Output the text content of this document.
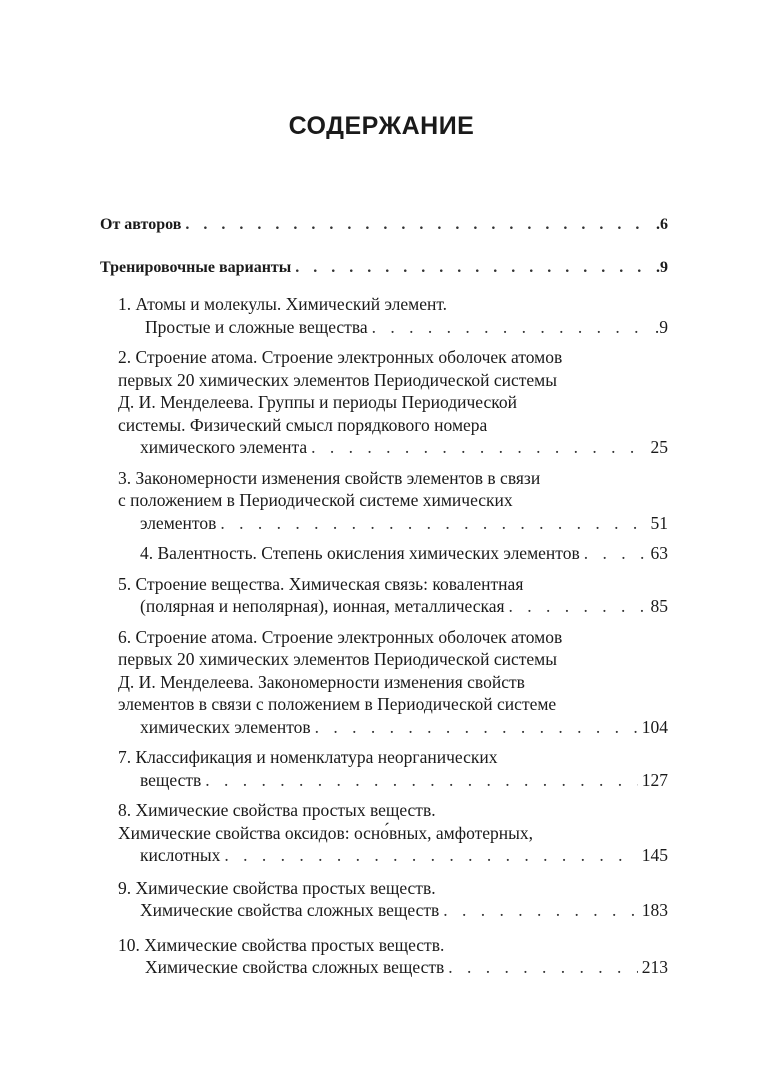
СОДЕРЖАНИЕ
От авторов . . .	.6
Тренировочные варианты . . .	.9
1. Атомы и молекулы. Химический элемент.
Простые и сложные вещества . . .	.9
2. Строение атома. Строение электронных оболочек атомов
первых 20 химических элементов Периодической системы
Д. И. Менделеева. Группы и периоды Периодической
системы. Физический смысл порядкового номера
химического элемента . . .	25
3. Закономерности изменения свойств элементов в связи
с положением в Периодической системе химических
элементов . . .	51
4. Валентность. Степень окисления химических элементов . . .	63
5. Строение вещества. Химическая связь: ковалентная
(полярная и неполярная), ионная, металлическая . . .	85
6. Строение атома. Строение электронных оболочек атомов
первых 20 химических элементов Периодической системы
Д. И. Менделеева. Закономерности изменения свойств
элементов в связи с положением в Периодической системе
химических элементов . . .	104
7. Классификация и номенклатура неорганических
веществ . . .	127
8. Химические свойства простых веществ.
Химические свойства оксидов: осно́вных, амфотерных,
кислотных . . .	145
9. Химические свойства простых веществ.
Химические свойства сложных веществ . . .	183
10. Химические свойства простых веществ.
Химические свойства сложных веществ . . .	213
